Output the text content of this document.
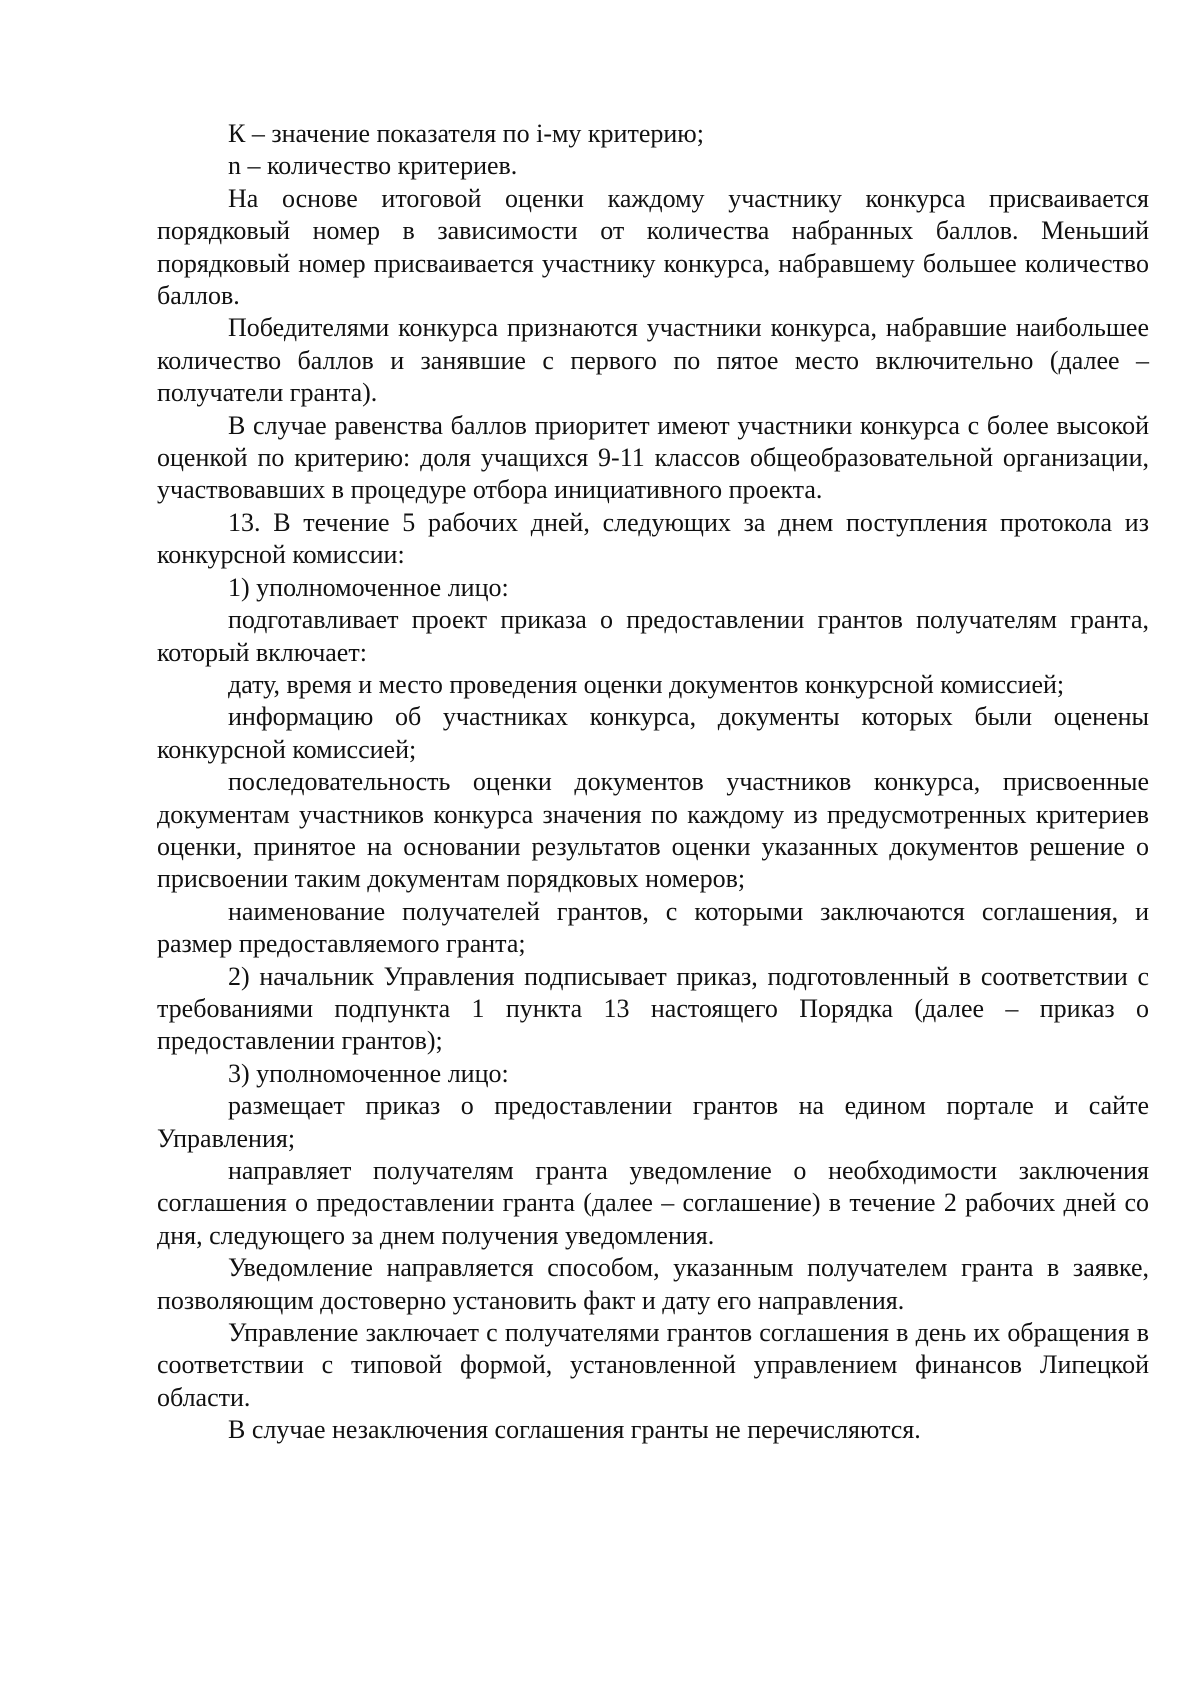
К – значение показателя по i-му критерию;

n – количество критериев.

На основе итоговой оценки каждому участнику конкурса присваивается порядковый номер в зависимости от количества набранных баллов. Меньший порядковый номер присваивается участнику конкурса, набравшему большее количество баллов.

Победителями конкурса признаются участники конкурса, набравшие наибольшее количество баллов и занявшие с первого по пятое место включительно (далее – получатели гранта).

В случае равенства баллов приоритет имеют участники конкурса с более высокой оценкой по критерию: доля учащихся 9-11 классов общеобразовательной организации, участвовавших в процедуре отбора инициативного проекта.

13. В течение 5 рабочих дней, следующих за днем поступления протокола из конкурсной комиссии:

1) уполномоченное лицо:

подготавливает проект приказа о предоставлении грантов получателям гранта, который включает:

дату, время и место проведения оценки документов конкурсной комиссией;

информацию об участниках конкурса, документы которых были оценены конкурсной комиссией;

последовательность оценки документов участников конкурса, присвоенные документам участников конкурса значения по каждому из предусмотренных критериев оценки, принятое на основании результатов оценки указанных документов решение о присвоении таким документам порядковых номеров;

наименование получателей грантов, с которыми заключаются соглашения, и размер предоставляемого гранта;

2) начальник Управления подписывает приказ, подготовленный в соответствии с требованиями подпункта 1 пункта 13 настоящего Порядка (далее – приказ о предоставлении грантов);

3) уполномоченное лицо:

размещает приказ о предоставлении грантов на едином портале и сайте Управления;

направляет получателям гранта уведомление о необходимости заключения соглашения о предоставлении гранта (далее – соглашение) в течение 2 рабочих дней со дня, следующего за днем получения уведомления.

Уведомление направляется способом, указанным получателем гранта в заявке, позволяющим достоверно установить факт и дату его направления.

Управление заключает с получателями грантов соглашения в день их обращения в соответствии с типовой формой, установленной управлением финансов Липецкой области.

В случае незаключения соглашения гранты не перечисляются.
